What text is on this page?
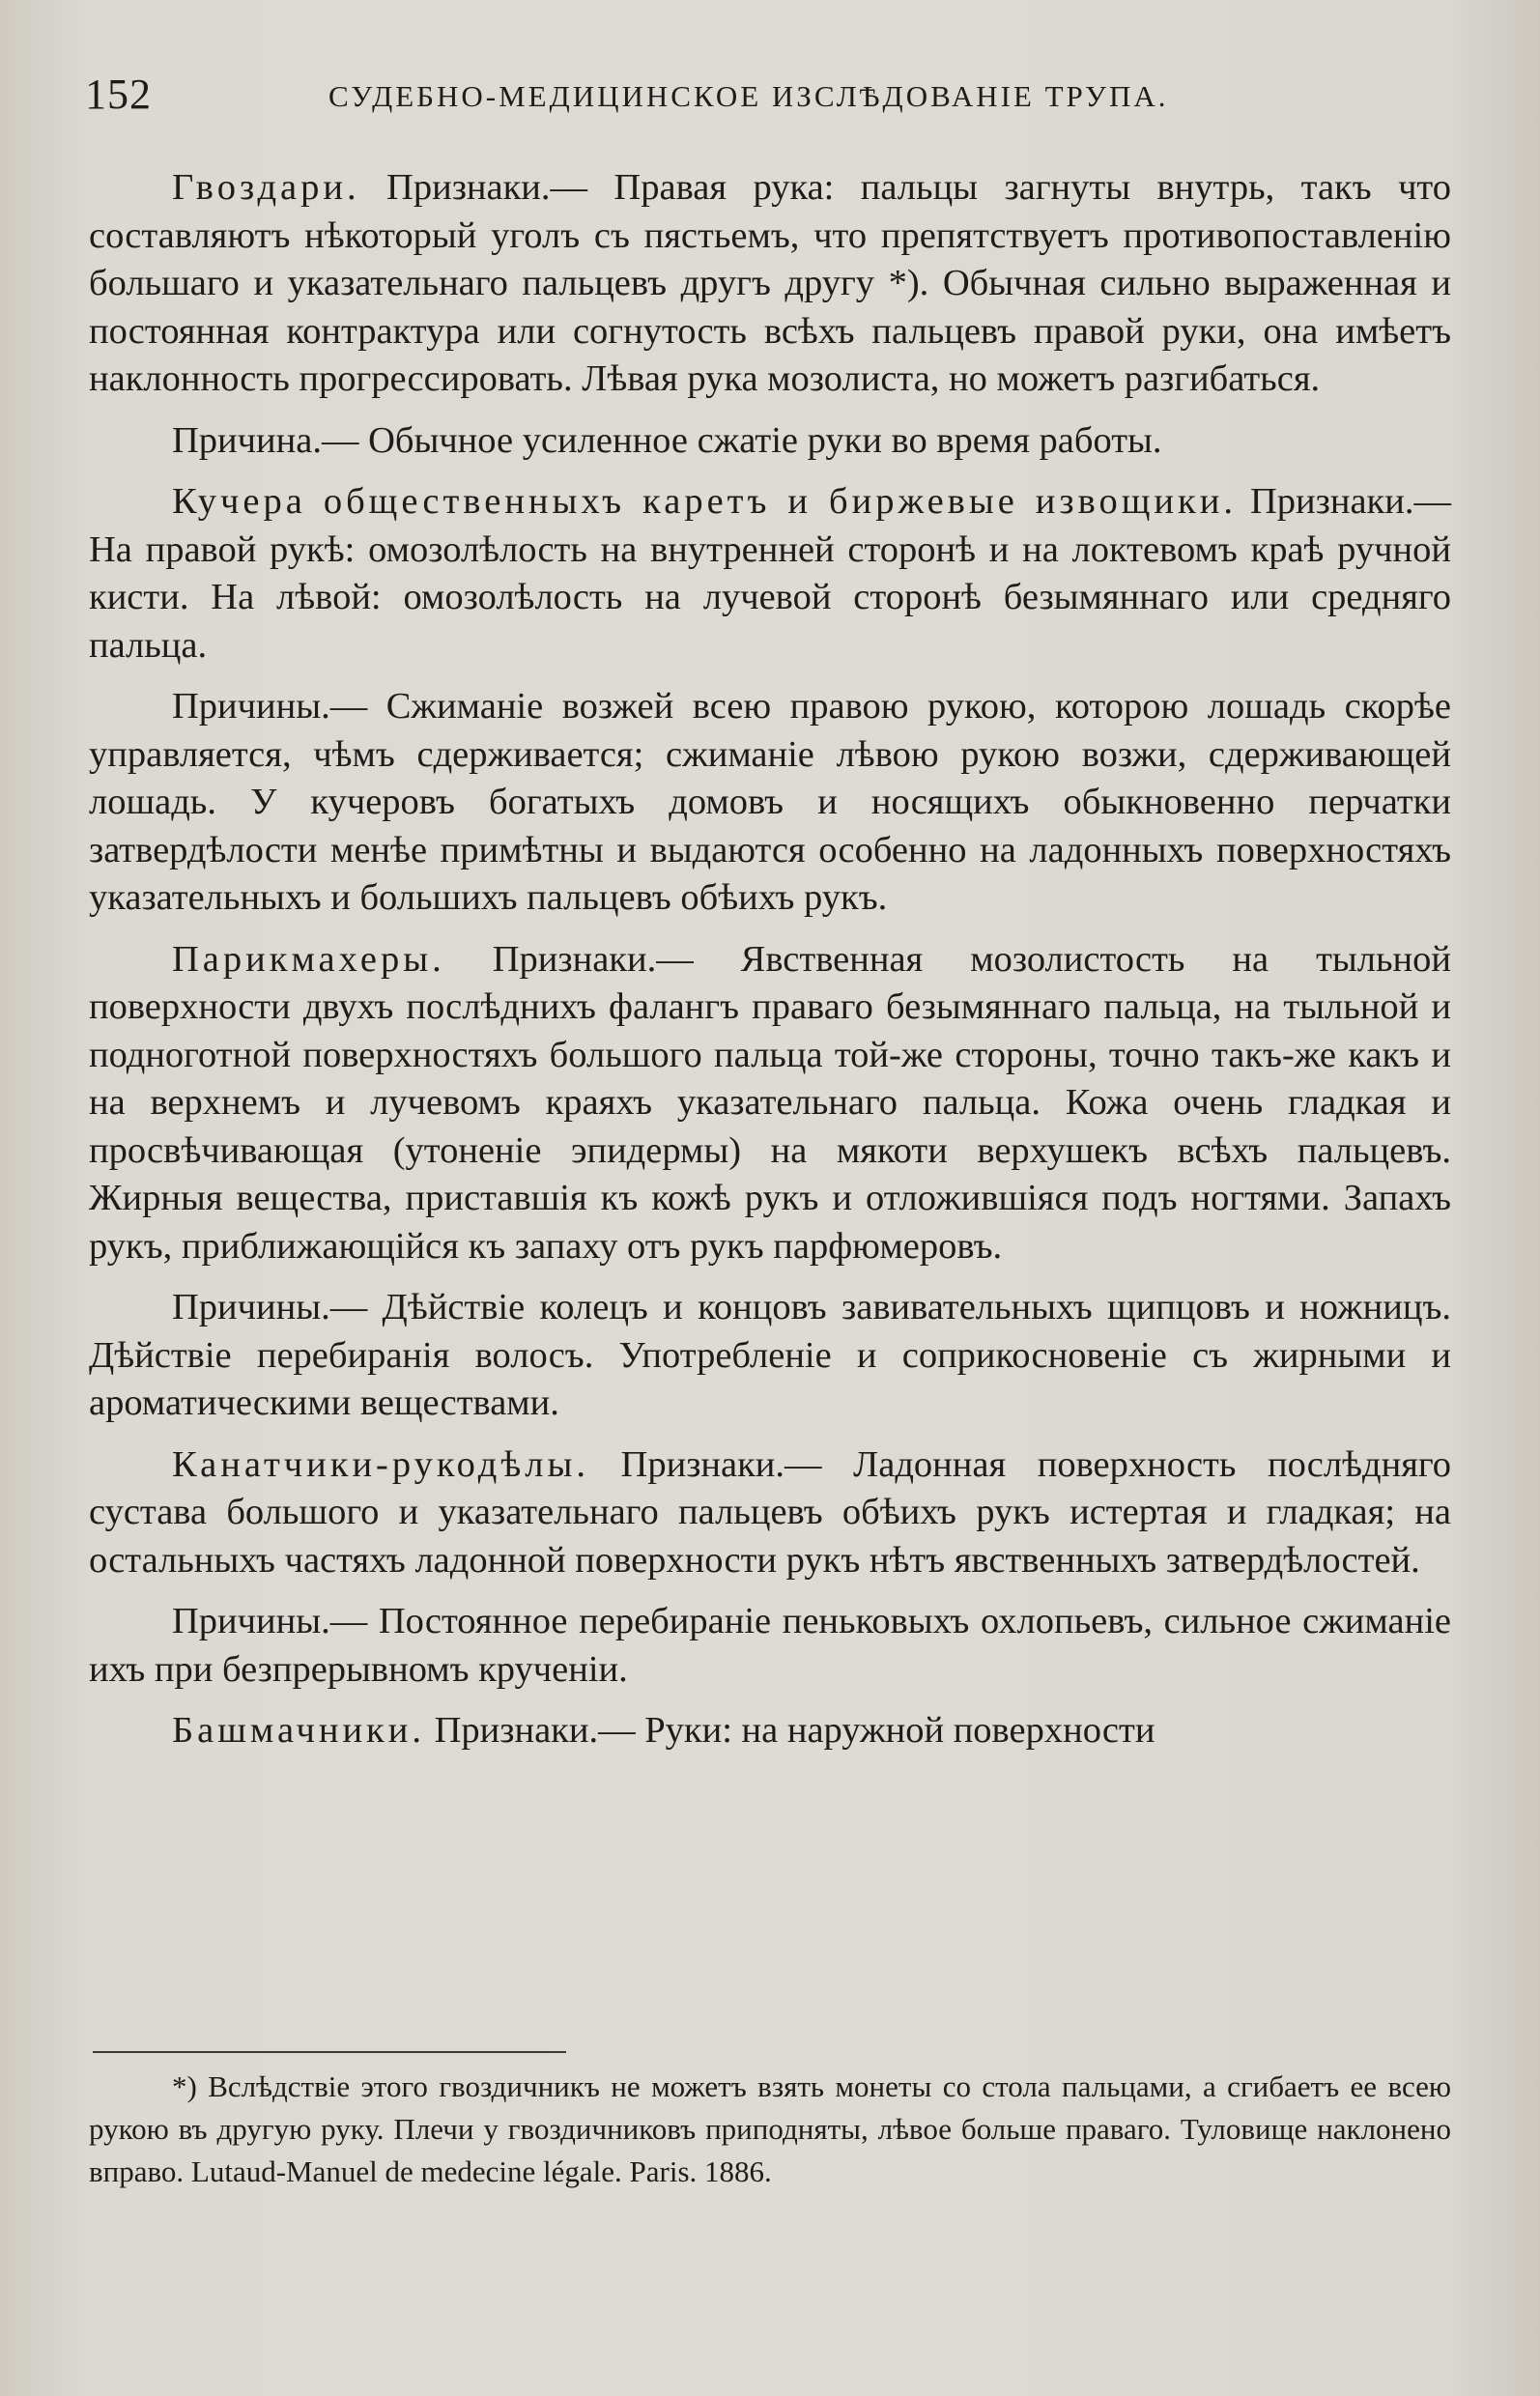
152	СУДЕБНО-МЕДИЦИНСКОЕ ИЗСЛѢДОВАНІЕ ТРУПА.

Гвоздари. Признаки.— Правая рука: пальцы загнуты внутрь, такъ что составляютъ нѣкоторый уголъ съ пястьемъ, что препятствуетъ противопоставленію большаго и указательнаго пальцевъ другъ другу *). Обычная сильно выраженная и постоянная контрактура или согнутость всѣхъ пальцевъ правой руки, она имѣетъ наклонность прогрессировать. Лѣвая рука мозолиста, но можетъ разгибаться.

Причина.— Обычное усиленное сжатіе руки во время работы.

Кучера общественныхъ каретъ и биржевые извощики. Признаки.— На правой рукѣ: омозолѣлость на внутренней сторонѣ и на локтевомъ краѣ ручной кисти. На лѣвой: омозолѣлость на лучевой сторонѣ безымяннаго или средняго пальца.

Причины.— Сжиманіе возжей всею правою рукою, которою лошадь скорѣе управляется, чѣмъ сдерживается; сжиманіе лѣвою рукою возжи, сдерживающей лошадь. У кучеровъ богатыхъ домовъ и носящихъ обыкновенно перчатки затвердѣлости менѣе примѣтны и выдаются особенно на ладонныхъ поверхностяхъ указательныхъ и большихъ пальцевъ обѣихъ рукъ.

Парикмахеры. Признаки.— Явственная мозолистость на тыльной поверхности двухъ послѣднихъ фалангъ праваго безымяннаго пальца, на тыльной и подноготной поверхностяхъ большого пальца той-же стороны, точно такъ-же какъ и на верхнемъ и лучевомъ краяхъ указательнаго пальца. Кожа очень гладкая и просвѣчивающая (утоненіе эпидермы) на мякоти верхушекъ всѣхъ пальцевъ. Жирныя вещества, приставшія къ кожѣ рукъ и отложившіяся подъ ногтями. Запахъ рукъ, приближающійся къ запаху отъ рукъ парфюмеровъ.

Причины.— Дѣйствіе колецъ и концовъ завивательныхъ щипцовъ и ножницъ. Дѣйствіе перебиранія волосъ. Употребленіе и соприкосновеніе съ жирными и ароматическими веществами.

Канатчики-рукодѣлы. Признаки.— Ладонная поверхность послѣдняго сустава большого и указательнаго пальцевъ обѣихъ рукъ истертая и гладкая; на остальныхъ частяхъ ладонной поверхности рукъ нѣтъ явственныхъ затвердѣлостей.

Причины.— Постоянное перебираніе пеньковыхъ охлопьевъ, сильное сжиманіе ихъ при безпрерывномъ крученіи.

Башмачники. Признаки.— Руки: на наружной поверхности

*) Вслѣдствіе этого гвоздичникъ не можетъ взять монеты со стола пальцами, а сгибаетъ ее всею рукою въ другую руку. Плечи у гвоздичниковъ приподняты, лѣвое больше праваго. Туловище наклонено вправо. Lutaud-Manuel de medecine légale. Paris. 1886.
